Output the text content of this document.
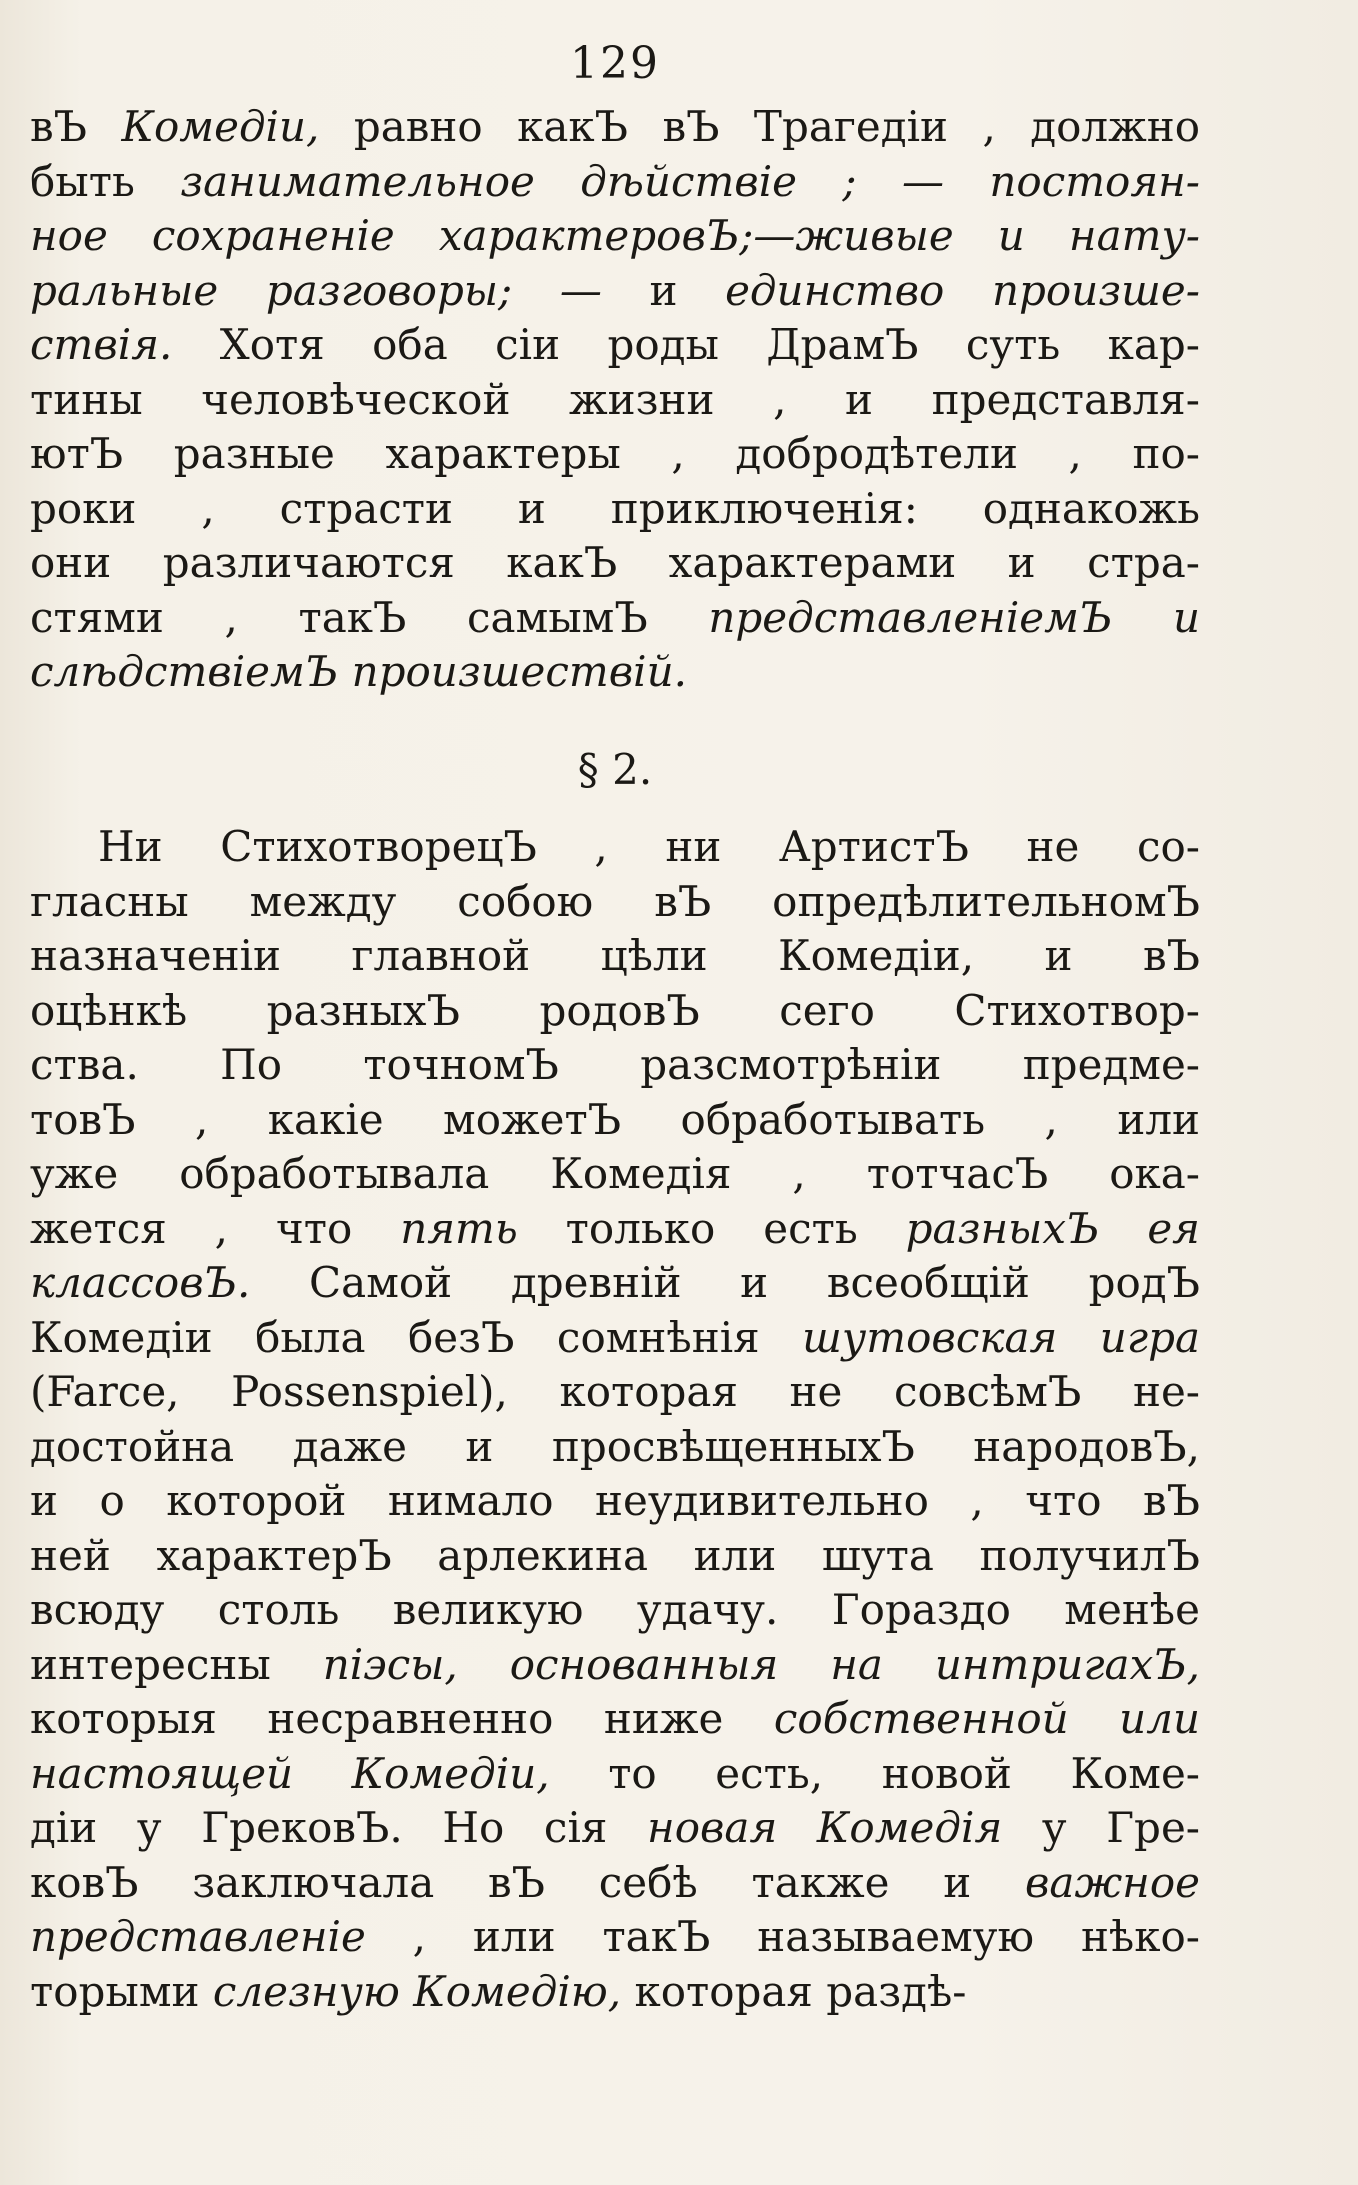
129
вЪ Комедіи, равно какЪ вЪ Трагедіи , должно
быть занимательное дѣйствіе ; — постоян-
ное сохраненіе характеровЪ;—живые и нату-
ральные разговоры; — и единство произше-
ствія. Хотя оба сіи роды ДрамЪ суть кар-
тины человѣческой жизни , и представля-
ютЪ разные характеры , добродѣтели , по-
роки , страсти и приключенія: однакожь
они различаются какЪ характерами и стра-
стями , такЪ самымЪ представленіемЪ и
слѣдствіемЪ произшествій.
§ 2.
Ни СтихотворецЪ , ни АртистЪ не со-
гласны между собою вЪ опредѣлительномЪ
назначеніи главной цѣли Комедіи, и вЪ
оцѣнкѣ разныхЪ родовЪ сего Стихотвор-
ства. По точномЪ разсмотрѣніи предме-
товЪ , какіе можетЪ обработывать , или
уже обработывала Комедія , тотчасЪ ока-
жется , что пять только есть разныхЪ ея
классовЪ. Самой древній и всеобщій родЪ
Комедіи была безЪ сомнѣнія шутовская игра
(Farce, Possenspiel), которая не совсѣмЪ не-
достойна даже и просвѣщенныхЪ народовЪ,
и о которой нимало неудивительно , что вЪ
ней характерЪ арлекина или шута получилЪ
всюду столь великую удачу. Гораздо менѣе
интересны піэсы, основанныя на интригахЪ,
которыя несравненно ниже собственной или
настоящей Комедіи, то есть, новой Коме-
діи у ГрековЪ. Но сія новая Комедія у Гре-
ковЪ заключала вЪ себѣ также и важное
представленіе , или такЪ называемую нѣко-
торыми слезную Комедію, которая раздѣ-
